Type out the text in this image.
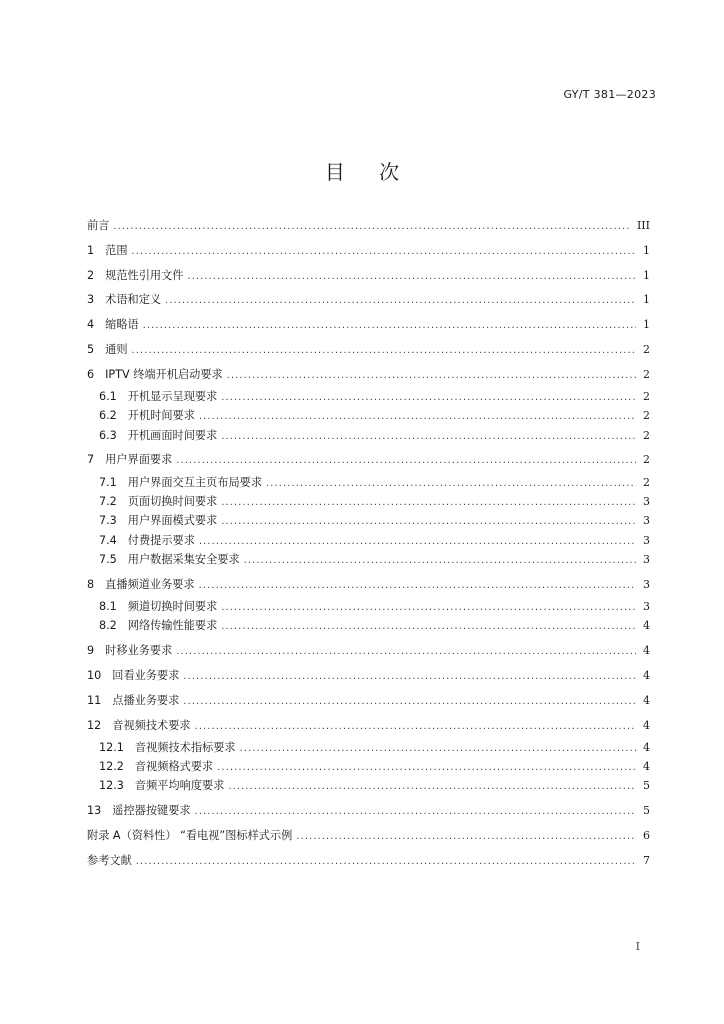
GY/T 381—2023
目 次
前言 . . .	III
1 范围 . . .	1
2 规范性引用文件 . . .	1
3 术语和定义 . . .	1
4 缩略语 . . .	1
5 通则 . . .	2
6 IPTV 终端开机启动要求 . . .	2
6.1 开机显示呈现要求 . . .	2
6.2 开机时间要求 . . .	2
6.3 开机画面时间要求 . . .	2
7 用户界面要求 . . .	2
7.1 用户界面交互主页布局要求 . . .	2
7.2 页面切换时间要求 . . .	3
7.3 用户界面模式要求 . . .	3
7.4 付费提示要求 . . .	3
7.5 用户数据采集安全要求 . . .	3
8 直播频道业务要求 . . .	3
8.1 频道切换时间要求 . . .	3
8.2 网络传输性能要求 . . .	4
9 时移业务要求 . . .	4
10 回看业务要求 . . .	4
11 点播业务要求 . . .	4
12 音视频技术要求 . . .	4
12.1 音视频技术指标要求 . . .	4
12.2 音视频格式要求 . . .	4
12.3 音频平均响度要求 . . .	5
13 遥控器按键要求 . . .	5
附录 A（资料性） “看电视”图标样式示例 . . .	6
参考文献 . . .	7
I
